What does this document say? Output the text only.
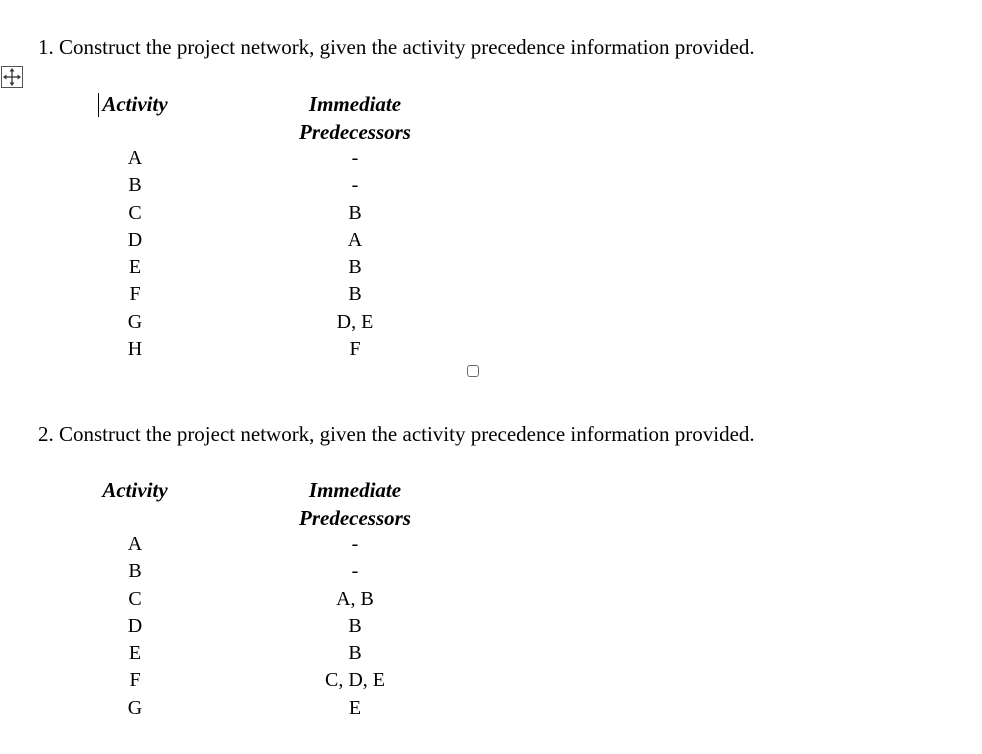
1. Construct the project network, given the activity precedence information provided.
Activity	Immediate
Predecessors
A
B
C
D
E
F
G
H
-
-
B
A
B
B
D, E
F
2. Construct the project network, given the activity precedence information provided.
Activity	Immediate
Predecessors
A
B
C
D
E
F
G
-
-
A, B
B
B
C, D, E
E
